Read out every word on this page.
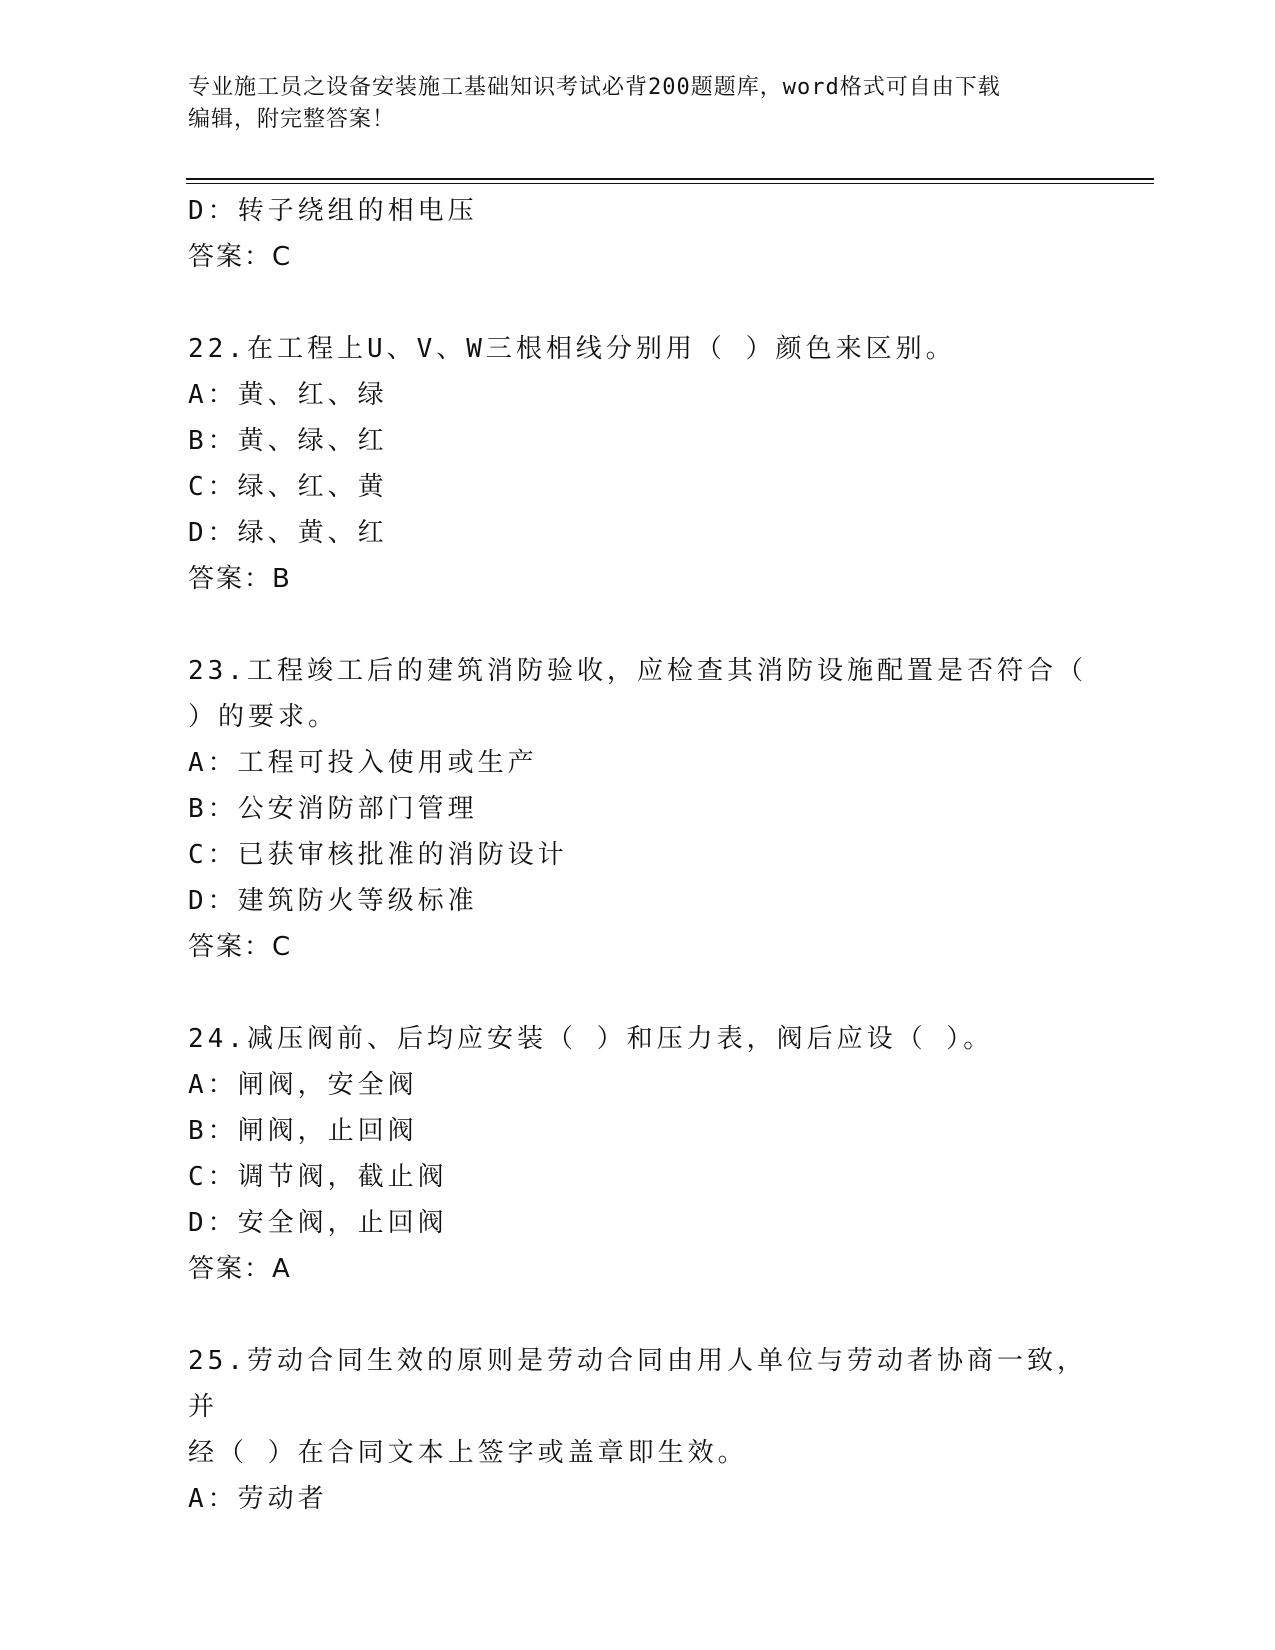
专业施工员之设备安装施工基础知识考试必背200题题库，word格式可自由下载
编辑，附完整答案！
D：转子绕组的相电压
答案：C
22.在工程上U、V、W三根相线分别用（ ）颜色来区别。
A：黄、红、绿
B：黄、绿、红
C：绿、红、黄
D：绿、黄、红
答案：B
23.工程竣工后的建筑消防验收，应检查其消防设施配置是否符合（
）的要求。
A：工程可投入使用或生产
B：公安消防部门管理
C：已获审核批准的消防设计
D：建筑防火等级标准
答案：C
24.减压阀前、后均应安装（ ）和压力表，阀后应设（ ）。
A：闸阀，安全阀
B：闸阀，止回阀
C：调节阀，截止阀
D：安全阀，止回阀
答案：A
25.劳动合同生效的原则是劳动合同由用人单位与劳动者协商一致，并
经（ ）在合同文本上签字或盖章即生效。
A：劳动者
